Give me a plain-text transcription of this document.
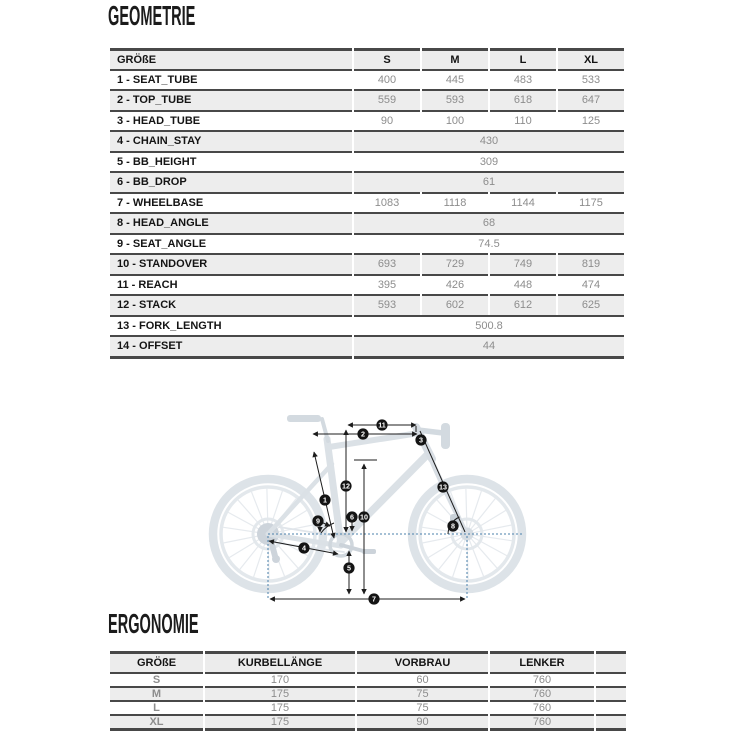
GEOMETRIE
GRÖßE	S	M	L	XL
1 - SEAT_TUBE	400	445	483	533
2 - TOP_TUBE	559	593	618	647
3 - HEAD_TUBE	90	100	110	125
4 - CHAIN_STAY	430			
5 - BB_HEIGHT	309			
6 - BB_DROP	61			
7 - WHEELBASE	1083	1118	1144	1175
8 - HEAD_ANGLE	68			
9 - SEAT_ANGLE	74.5			
10 - STANDOVER	693	729	749	819
11 - REACH	395	426	448	474
12 - STACK	593	602	612	625
13 - FORK_LENGTH	500.8			
14 - OFFSET	44			
1
2
3
4
5
6
7
8
9	10
11
12	13
ERGONOMIE
GRÖßE	KURBELLÄNGE	VORBRAU	LENKER	
S	170	60	760	
M	175	75	760	
L	175	75	760	
XL	175	90	760	
